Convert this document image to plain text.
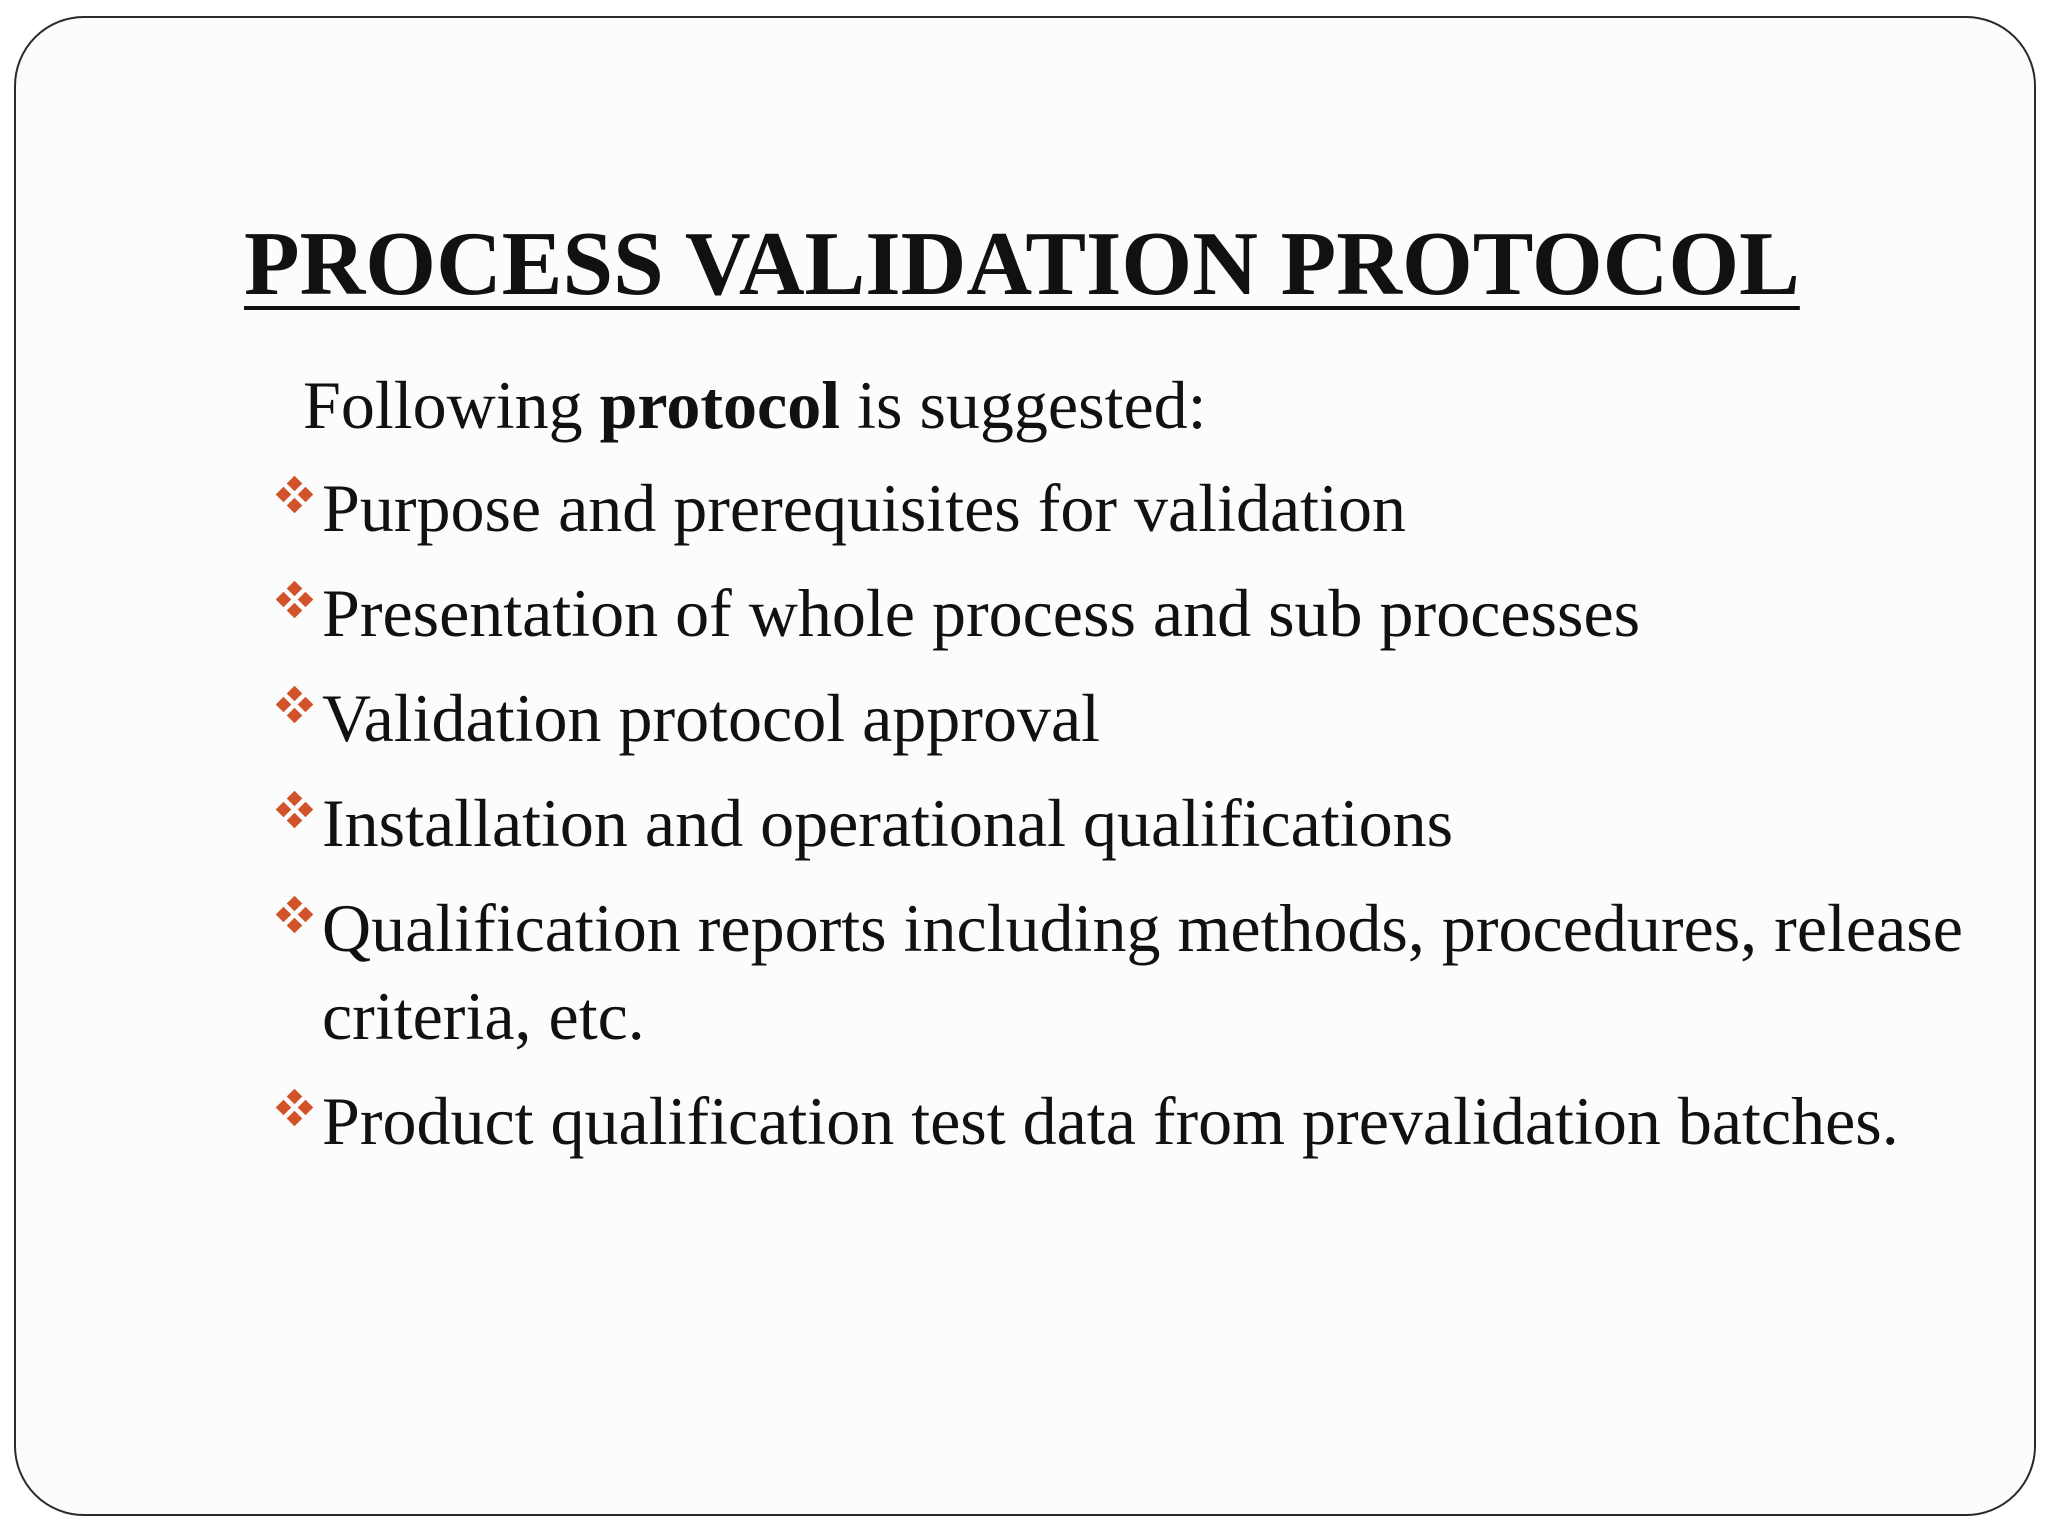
PROCESS VALIDATION PROTOCOL

Following protocol is suggested:

Purpose and prerequisites for validation
Presentation of whole process and sub processes
Validation protocol approval
Installation and operational qualifications
Qualification reports including methods, procedures, release criteria, etc.
Product qualification test data from prevalidation batches.
